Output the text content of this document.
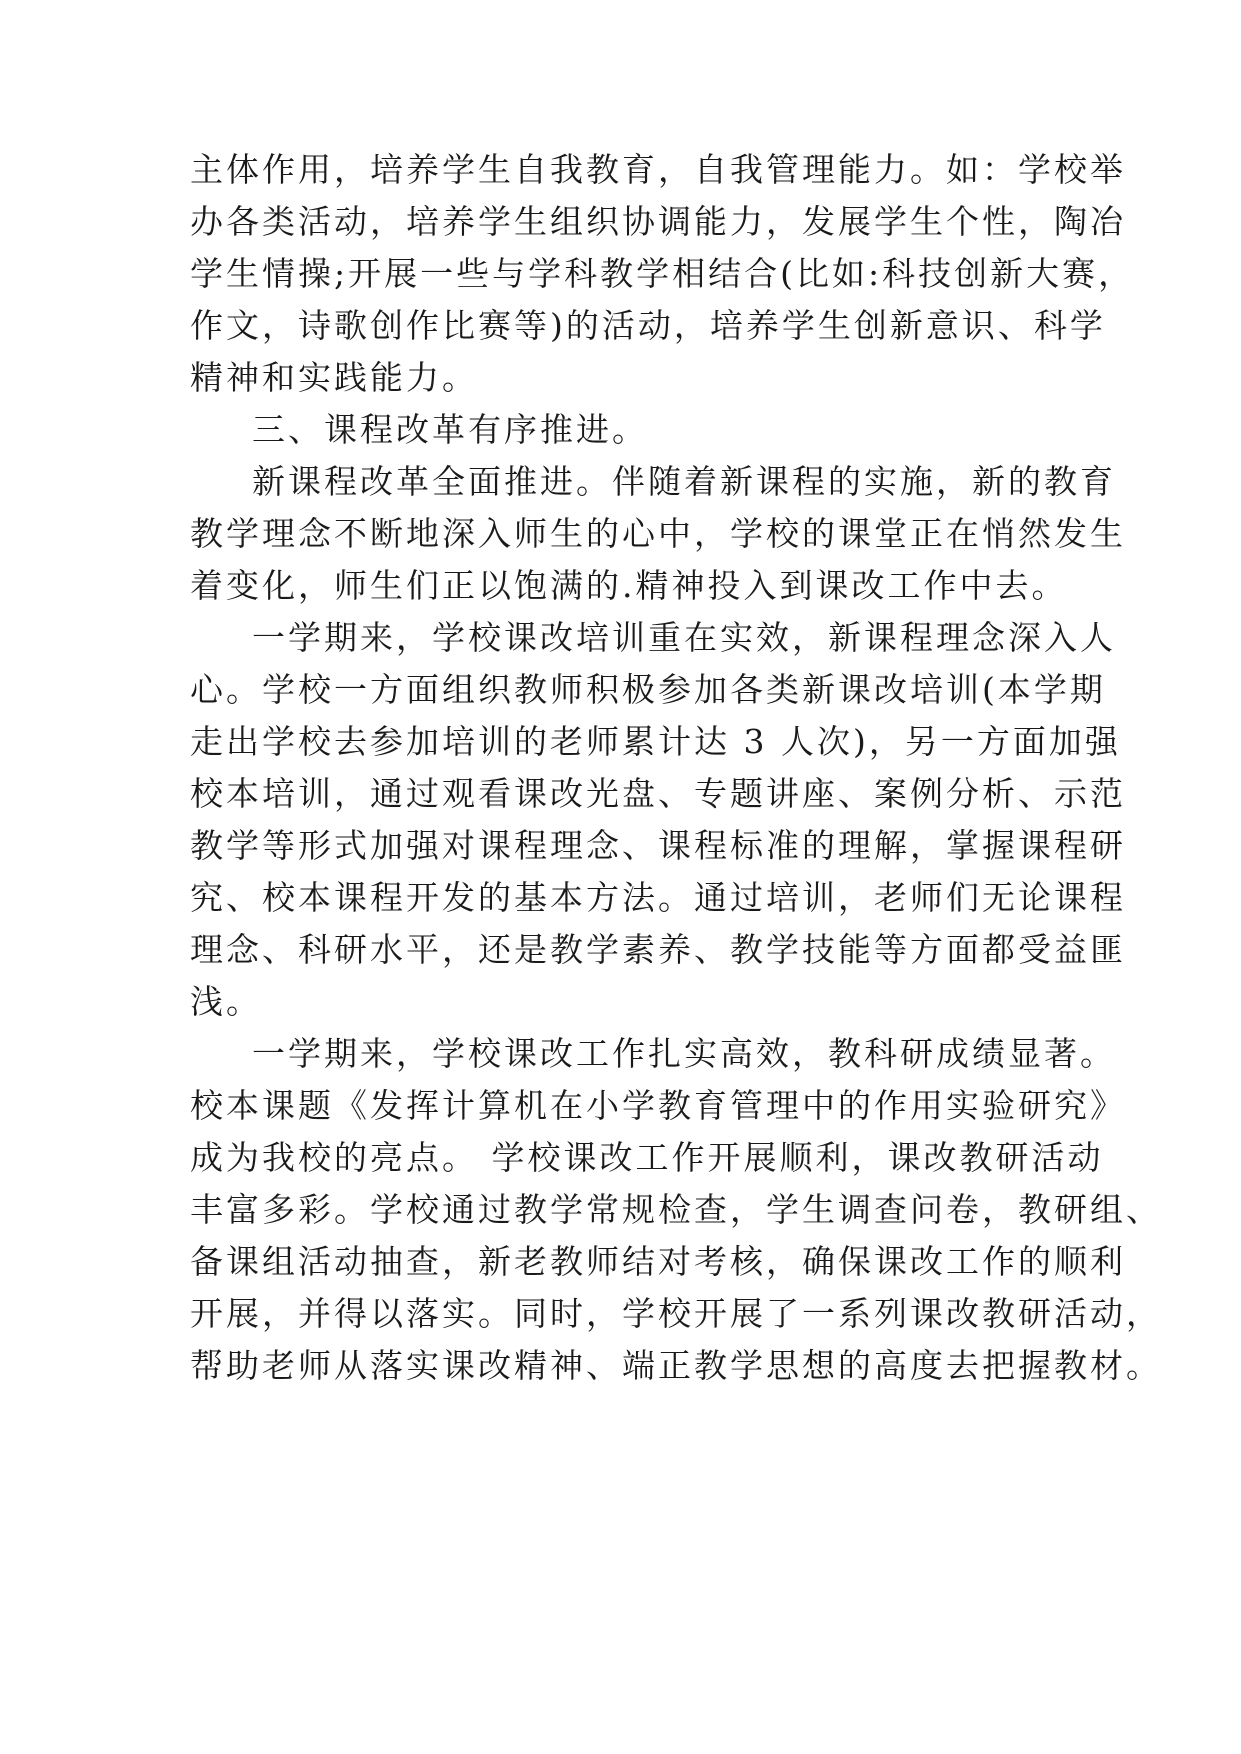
主体作用，培养学生自我教育，自我管理能力。如：学校举
办各类活动，培养学生组织协调能力，发展学生个性，陶冶
学生情操;开展一些与学科教学相结合(比如:科技创新大赛，
作文，诗歌创作比赛等)的活动，培养学生创新意识、科学
精神和实践能力。
三、课程改革有序推进。
新课程改革全面推进。伴随着新课程的实施，新的教育
教学理念不断地深入师生的心中，学校的课堂正在悄然发生
着变化，师生们正以饱满的.精神投入到课改工作中去。
一学期来，学校课改培训重在实效，新课程理念深入人
心。学校一方面组织教师积极参加各类新课改培训(本学期
走出学校去参加培训的老师累计达 3 人次)，另一方面加强
校本培训，通过观看课改光盘、专题讲座、案例分析、示范
教学等形式加强对课程理念、课程标准的理解，掌握课程研
究、校本课程开发的基本方法。通过培训，老师们无论课程
理念、科研水平，还是教学素养、教学技能等方面都受益匪
浅。
一学期来，学校课改工作扎实高效，教科研成绩显著。
校本课题《发挥计算机在小学教育管理中的作用实验研究》
成为我校的亮点。 学校课改工作开展顺利，课改教研活动
丰富多彩。学校通过教学常规检查，学生调查问卷，教研组、
备课组活动抽查，新老教师结对考核，确保课改工作的顺利
开展，并得以落实。同时，学校开展了一系列课改教研活动，
帮助老师从落实课改精神、端正教学思想的高度去把握教材。
